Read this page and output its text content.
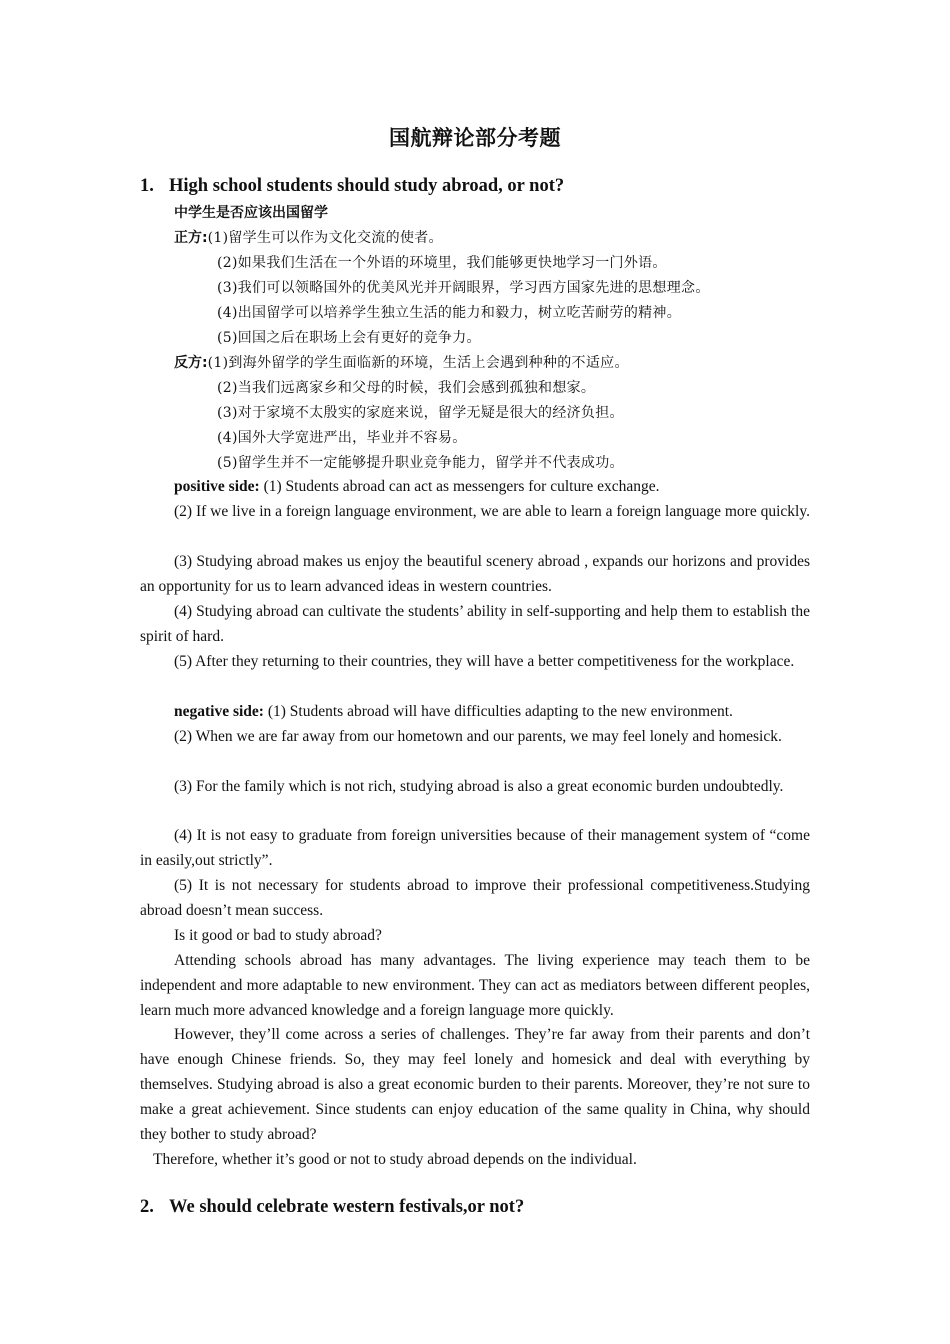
国航辩论部分考题
1. High school students should study abroad, or not?
中学生是否应该出国留学
正方:(1)留学生可以作为文化交流的使者。
(2)如果我们生活在一个外语的环境里，我们能够更快地学习一门外语。
(3)我们可以领略国外的优美风光并开阔眼界，学习西方国家先进的思想理念。
(4)出国留学可以培养学生独立生活的能力和毅力，树立吃苦耐劳的精神。
(5)回国之后在职场上会有更好的竞争力。
反方:(1)到海外留学的学生面临新的环境，生活上会遇到种种的不适应。
(2)当我们远离家乡和父母的时候，我们会感到孤独和想家。
(3)对于家境不太殷实的家庭来说，留学无疑是很大的经济负担。
(4)国外大学宽进严出，毕业并不容易。
(5)留学生并不一定能够提升职业竞争能力，留学并不代表成功。
positive side: (1) Students abroad can act as messengers for culture exchange.
(2) If we live in a foreign language environment, we are able to learn a foreign language more quickly.
(3) Studying abroad makes us enjoy the beautiful scenery abroad , expands our horizons and provides an opportunity for us to learn advanced ideas in western countries.
(4) Studying abroad can cultivate the students’ ability in self-supporting and help them to establish the spirit of hard.
(5) After they returning to their countries, they will have a better competitiveness for the workplace.
negative side: (1) Students abroad will have difficulties adapting to the new environment.
(2) When we are far away from our hometown and our parents, we may feel lonely and homesick.
(3) For the family which is not rich, studying abroad is also a great economic burden undoubtedly.
(4) It is not easy to graduate from foreign universities because of their management system of “come in easily,out strictly”.
(5) It is not necessary for students abroad to improve their professional competitiveness.Studying abroad doesn’t mean success.
Is it good or bad to study abroad?
Attending schools abroad has many advantages. The living experience may teach them to be independent and more adaptable to new environment. They can act as mediators between different peoples, learn much more advanced knowledge and a foreign language more quickly.
However, they’ll come across a series of challenges. They’re far away from their parents and don’t have enough Chinese friends. So, they may feel lonely and homesick and deal with everything by themselves. Studying abroad is also a great economic burden to their parents. Moreover, they’re not sure to make a great achievement. Since students can enjoy education of the same quality in China, why should they bother to study abroad?
Therefore, whether it’s good or not to study abroad depends on the individual.
2. We should celebrate western festivals,or not?
